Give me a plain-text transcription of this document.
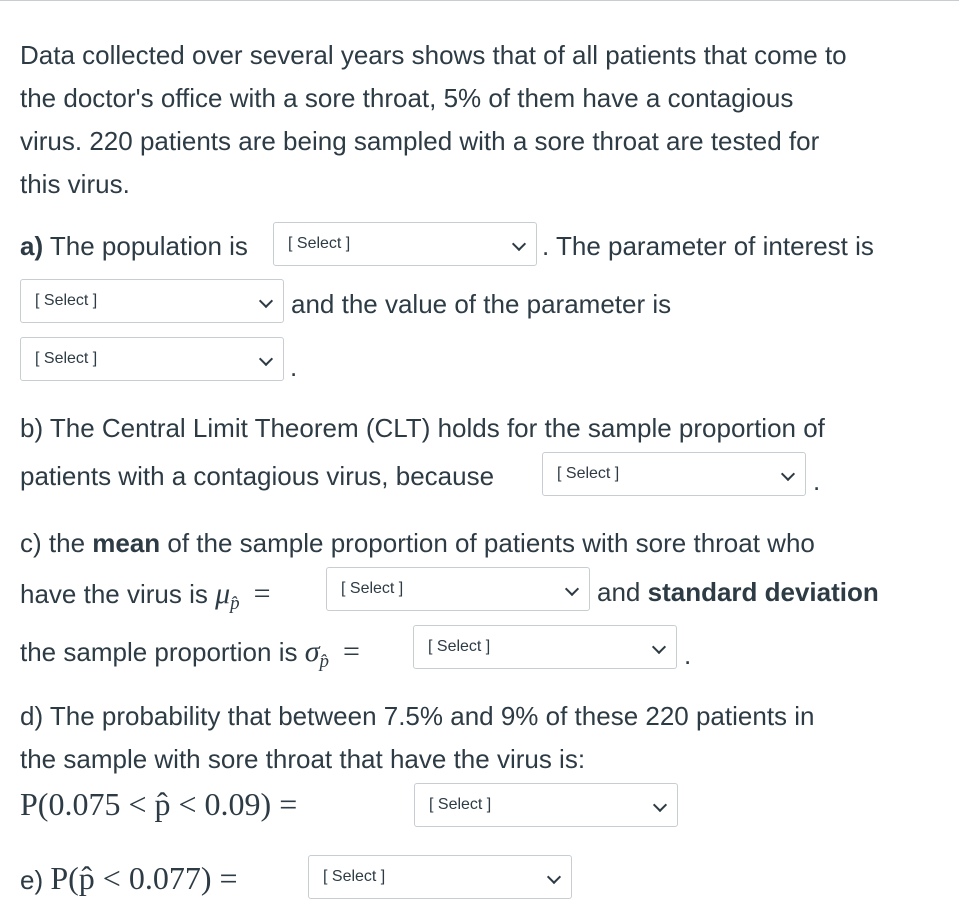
Data collected over several years shows that of all patients that come to
the doctor's office with a sore throat, 5% of them have a contagious
virus. 220 patients are being sampled with a sore throat are tested for
this virus.
a) The population is	[ Select ]	. The parameter of interest is
[ Select ]	and the value of the parameter is
[ Select ]	.
b) The Central Limit Theorem (CLT) holds for the sample proportion of
patients with a contagious virus, because	[ Select ]	.
c) the mean of the sample proportion of patients with sore throat who
have the virus is $\mu_{p̂}$ =	[ Select ]	and standard deviation
the sample proportion is $\sigma_{p̂}$ =	[ Select ]	.
d) The probability that between 7.5% and 9% of these 220 patients in
the sample with sore throat that have the virus is:
P(0.075 < p̂ < 0.09) =	[ Select ]
e) P(p̂ < 0.077) =	[ Select ]
